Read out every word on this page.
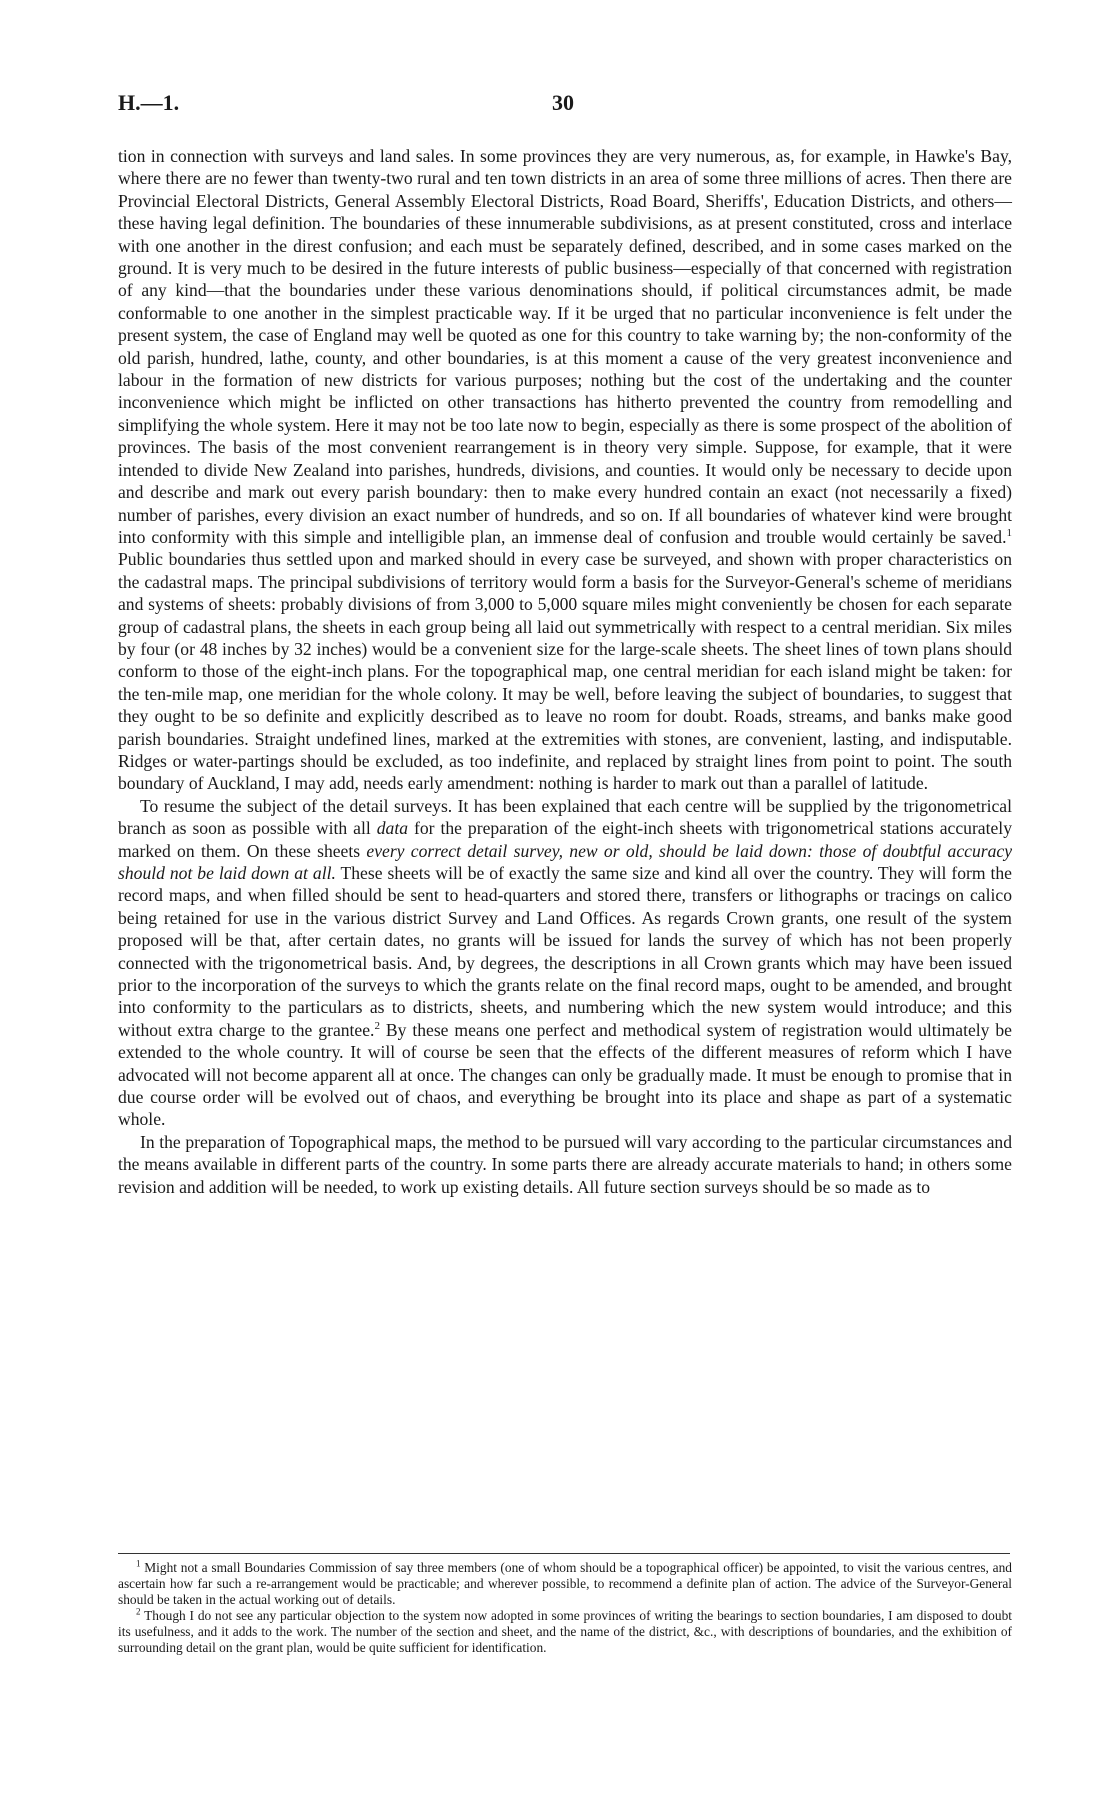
H.—1.	30

tion in connection with surveys and land sales. In some provinces they are very numerous, as, for example, in Hawke's Bay, where there are no fewer than twenty-two rural and ten town districts in an area of some three millions of acres. Then there are Provincial Electoral Districts, General Assembly Electoral Districts, Road Board, Sheriffs', Education Districts, and others—these having legal definition. The boundaries of these innumerable subdivisions, as at present constituted, cross and interlace with one another in the direst confusion; and each must be separately defined, described, and in some cases marked on the ground. It is very much to be desired in the future interests of public business—especially of that concerned with registration of any kind—that the boundaries under these various denominations should, if political circumstances admit, be made conformable to one another in the simplest practicable way. If it be urged that no particular inconvenience is felt under the present system, the case of England may well be quoted as one for this country to take warning by; the non-conformity of the old parish, hundred, lathe, county, and other boundaries, is at this moment a cause of the very greatest inconvenience and labour in the formation of new districts for various purposes; nothing but the cost of the undertaking and the counter inconvenience which might be inflicted on other transactions has hitherto prevented the country from remodelling and simplifying the whole system. Here it may not be too late now to begin, especially as there is some prospect of the abolition of provinces. The basis of the most convenient rearrangement is in theory very simple. Suppose, for example, that it were intended to divide New Zealand into parishes, hundreds, divisions, and counties. It would only be necessary to decide upon and describe and mark out every parish boundary: then to make every hundred contain an exact (not necessarily a fixed) number of parishes, every division an exact number of hundreds, and so on. If all boundaries of whatever kind were brought into conformity with this simple and intelligible plan, an immense deal of confusion and trouble would certainly be saved.$^1$ Public boundaries thus settled upon and marked should in every case be surveyed, and shown with proper characteristics on the cadastral maps. The principal subdivisions of territory would form a basis for the Surveyor-General's scheme of meridians and systems of sheets: probably divisions of from 3,000 to 5,000 square miles might conveniently be chosen for each separate group of cadastral plans, the sheets in each group being all laid out symmetrically with respect to a central meridian. Six miles by four (or 48 inches by 32 inches) would be a convenient size for the large-scale sheets. The sheet lines of town plans should conform to those of the eight-inch plans. For the topographical map, one central meridian for each island might be taken: for the ten-mile map, one meridian for the whole colony. It may be well, before leaving the subject of boundaries, to suggest that they ought to be so definite and explicitly described as to leave no room for doubt. Roads, streams, and banks make good parish boundaries. Straight undefined lines, marked at the extremities with stones, are convenient, lasting, and indisputable. Ridges or water-partings should be excluded, as too indefinite, and replaced by straight lines from point to point. The south boundary of Auckland, I may add, needs early amendment: nothing is harder to mark out than a parallel of latitude.

To resume the subject of the detail surveys. It has been explained that each centre will be supplied by the trigonometrical branch as soon as possible with all data for the preparation of the eight-inch sheets with trigonometrical stations accurately marked on them. On these sheets every correct detail survey, new or old, should be laid down: those of doubtful accuracy should not be laid down at all. These sheets will be of exactly the same size and kind all over the country. They will form the record maps, and when filled should be sent to head-quarters and stored there, transfers or lithographs or tracings on calico being retained for use in the various district Survey and Land Offices. As regards Crown grants, one result of the system proposed will be that, after certain dates, no grants will be issued for lands the survey of which has not been properly connected with the trigonometrical basis. And, by degrees, the descriptions in all Crown grants which may have been issued prior to the incorporation of the surveys to which the grants relate on the final record maps, ought to be amended, and brought into conformity to the particulars as to districts, sheets, and numbering which the new system would introduce; and this without extra charge to the grantee.$^2$ By these means one perfect and methodical system of registration would ultimately be extended to the whole country. It will of course be seen that the effects of the different measures of reform which I have advocated will not become apparent all at once. The changes can only be gradually made. It must be enough to promise that in due course order will be evolved out of chaos, and everything be brought into its place and shape as part of a systematic whole.

In the preparation of Topographical maps, the method to be pursued will vary according to the particular circumstances and the means available in different parts of the country. In some parts there are already accurate materials to hand; in others some revision and addition will be needed, to work up existing details. All future section surveys should be so made as to

$^1$ Might not a small Boundaries Commission of say three members (one of whom should be a topographical officer) be appointed, to visit the various centres, and ascertain how far such a re-arrangement would be practicable; and wherever possible, to recommend a definite plan of action. The advice of the Surveyor-General should be taken in the actual working out of details.

$^2$ Though I do not see any particular objection to the system now adopted in some provinces of writing the bearings to section boundaries, I am disposed to doubt its usefulness, and it adds to the work. The number of the section and sheet, and the name of the district, &c., with descriptions of boundaries, and the exhibition of surrounding detail on the grant plan, would be quite sufficient for identification.
